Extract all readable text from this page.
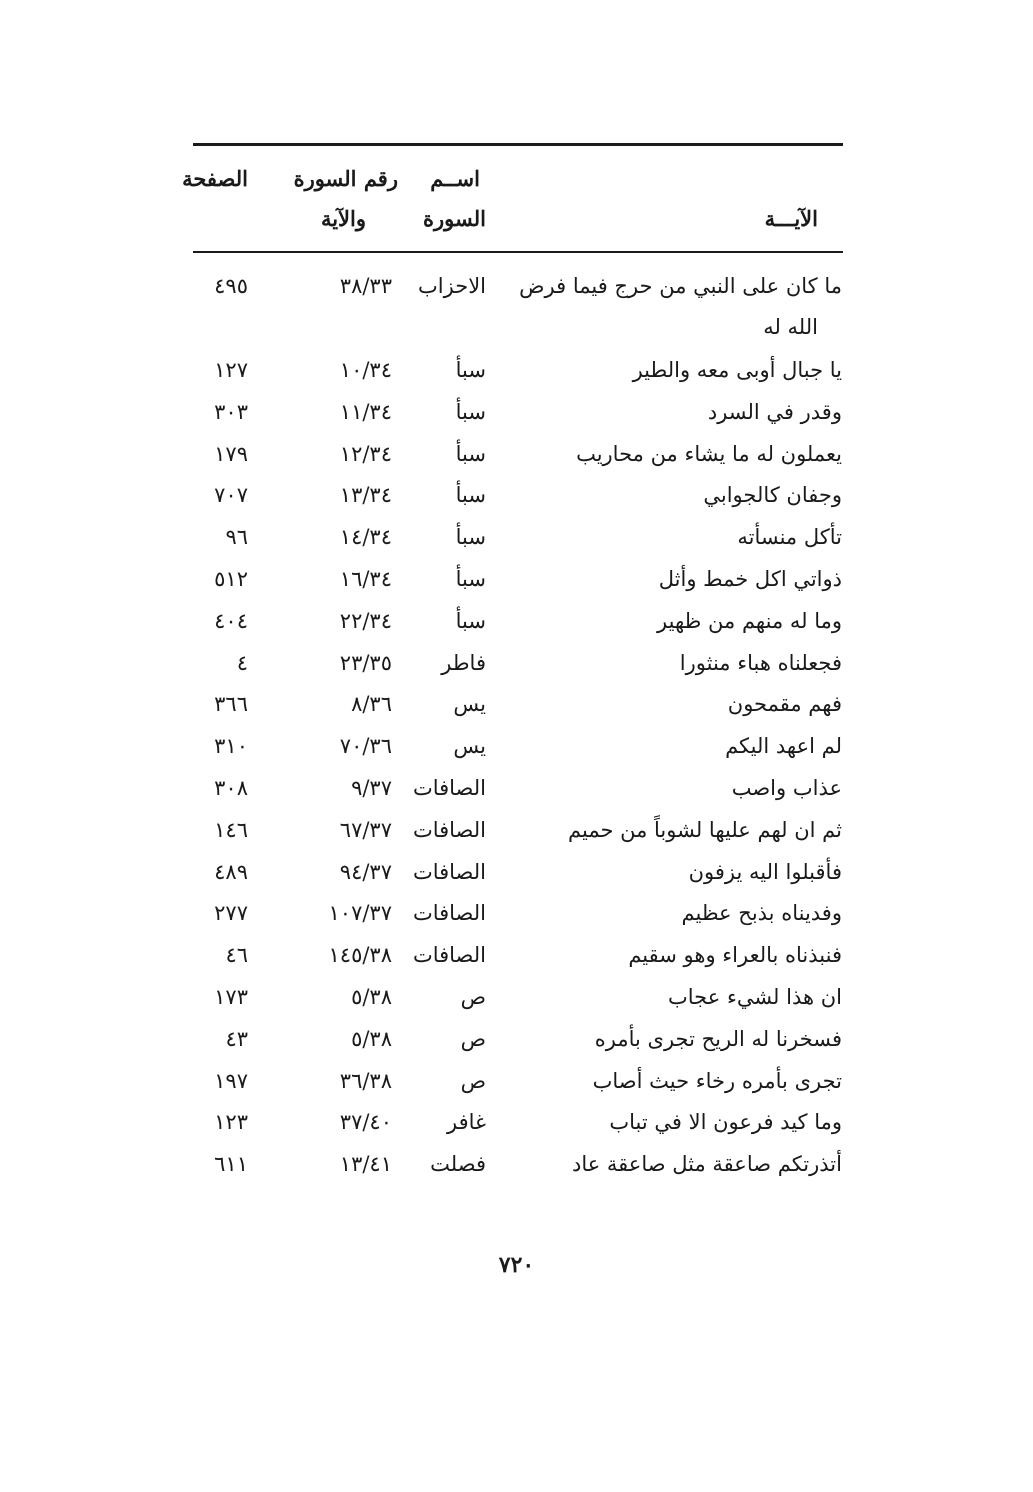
الصفحة رقم السورة
والآية
اســم
السورة	الآيـــة
ما كان على النبي من حرج فيما فرض
الله له
الاحزاب
٣٨/٣٣
٤٩٥
يا جبال أوبى معه والطير
سبأ
١٠/٣٤
١٢٧
وقدر في السرد
سبأ
١١/٣٤
٣٠٣
يعملون له ما يشاء من محاريب
سبأ
١٢/٣٤
١٧٩
وجفان كالجوابي
سبأ
١٣/٣٤
٧٠٧
تأكل منسأته
سبأ
١٤/٣٤
٩٦
ذواتي اكل خمط وأثل
سبأ
١٦/٣٤
٥١٢
وما له منهم من ظهير
سبأ
٢٢/٣٤
٤٠٤
فجعلناه هباء منثورا
فاطر
٢٣/٣٥
٤
فهم مقمحون
يس
٨/٣٦
٣٦٦
لم اعهد اليكم
يس
٧٠/٣٦
٣١٠
عذاب واصب
الصافات
٩/٣٧
٣٠٨
ثم ان لهم عليها لشوباً من حميم
الصافات
٦٧/٣٧
١٤٦
فأقبلوا اليه يزفون
الصافات
٩٤/٣٧
٤٨٩
وفديناه بذبح عظيم
الصافات
١٠٧/٣٧
٢٧٧
فنبذناه بالعراء وهو سقيم
الصافات
١٤٥/٣٨
٤٦
ان هذا لشيء عجاب
ص
٥/٣٨
١٧٣
فسخرنا له الريح تجرى بأمره
ص
٥/٣٨
٤٣
تجرى بأمره رخاء حيث أصاب
ص
٣٦/٣٨
١٩٧
وما كيد فرعون الا في تباب
غافر
٣٧/٤٠
١٢٣
أتذرتكم صاعقة مثل صاعقة عاد
فصلت
١٣/٤١
٦١١
٧٢٠
